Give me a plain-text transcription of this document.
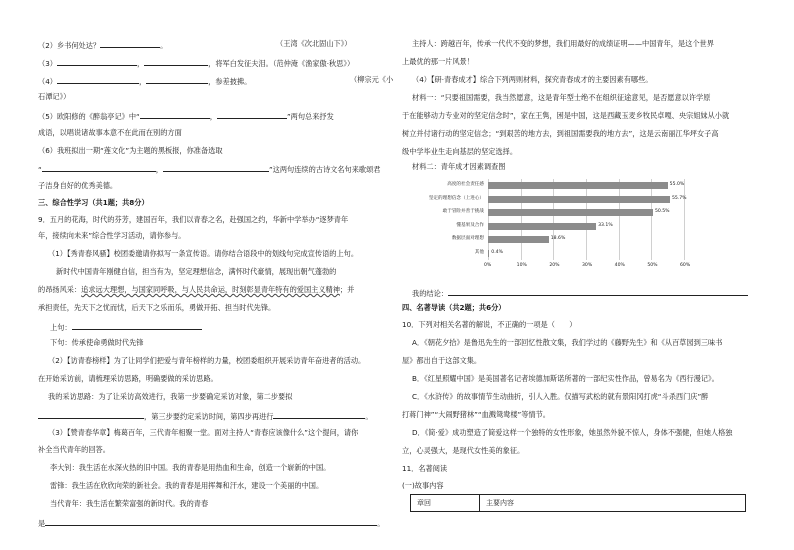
（2）乡书何处达？	。	（王湾《次北固山下》）
（3）	，	，将军白发征夫泪。（范仲淹《渔家傲·秋思》）
（4）	，	，参差披拂。	（柳宗元《小
石潭记》）
（5）欧阳修的《醉翁亭记》中“	，	”两句总来抒发
成语，以唱说诸故事本意不在此而在别的方面
（6）我班拟出一期“莲文化”为主题的黑板报，你准备选取
“	，	”这两句连续的古诗文名句来歌颂君
子洁身自好的优秀美德。
三、综合性学习（共1题；共8分）
9．五月的花海，时代的芬芳，建国百年，我们以青春之名，赴强国之约，华新中学举办“逐梦青年
年，接续向未来”综合性学习活动，请你参与。
（1）【秀青春风骚】校团委邀请你拟写一条宣传语。请你结合语段中的划线句完成宣传语的上句。
新时代中国青年刚健自信，担当有为，坚定理想信念，满怀时代豪情，展现出朝气蓬勃的
的昂扬风采：追求远大理想，与国家同呼吸，与人民共命运，时刻彰显青年特有的爱国主义精神；并
承担责任，先天下之忧而忧，后天下之乐而乐，勇做开拓、担当时代先锋。
上句：
下句：传承使命勇做时代先锋
（2）【访青春榜样】为了让同学们把爱与青年榜样的力量，校团委组织开展采访青年奋进者的活动。
在开始采访前，请梳理采访思路，明确要做的采访思路。
我的采访思路：为了让采访高效进行，我第一步要确定采访对象，第二步要拟
，第三步要约定采访时间，第四步再进行	。
（3）【赞青春华章】梅葛百年，三代青年相聚一堂。面对主持人“青春应该像什么”这个提问，请你
补全当代青年的回答。
李大钊：我生活在水深火热的旧中国。我的青春是用热血和生命，创造一个崭新的中国。
雷锋：我生活在欣欣向荣的新社会。我的青春是用挥舞和汗水，建设一个美丽的中国。
当代青年：我生活在繁荣富强的新时代。我的青春
是	。
主持人：跨越百年，传承一代代不变的梦想，我们用最好的成绩证明——中国青年，是这个世界
上最优的那一片风景！
（4）【研·青春成才】综合下列两则材料，探究青春成才的主要因素有哪些。
材料一：“只要祖国需要，我当然愿意，这是青年型士绝不在组织征途意见，是否愿意以许学原
于在能够动力专业对的坚定信念时”，家在王隽，困是中国，这是西藏玉麦乡牧民卓嘎、央宗姐妹从小就
树立并付诸行动的坚定信念；“到艰苦的地方去，到祖国需要我的地方去”，这是云南丽江华坪女子高
级中学毕业生走向基层的坚定选择。
材料二：青年成才因素调查图
0%	10%	20%	30%	40%	50%	60%
高度的社会责任感	55.0%
坚定的理想信念（上进心）	55.7%
敢于冒险并善于挑战	50.5%
懂基果及合作	33.1%
数据层面对理想	18.6%
其他 0.4%
我的结论：
四、名著导读（共2题；共6分）
10．下列对相关名著的解说，不正确的一项是（　　）
A．《朝花夕拾》是鲁迅先生的一部回忆性散文集，我们学过的《藤野先生》和《从百草园到三味书
屋》都出自于这部文集。
B．《红星照耀中国》是美国著名记者埃德加斯诺所著的一部纪实性作品，曾易名为《西行漫记》。
C．《水浒传》的故事情节生动曲折，引人入胜。仅描写武松的就有景阳冈打虎“斗杀西门庆”醉
打蒋门神”“大闹野猪林”“血溅鸳鸯楼”等情节。
D．《简·爱》成功塑造了简爱这样一个独特的女性形象，她虽然外貌不惊人，身体不强健，但她人格独
立，心灵强大，是现代女性美的象征。
11．名著阅读
(一)故事内容
章回	主要内容
